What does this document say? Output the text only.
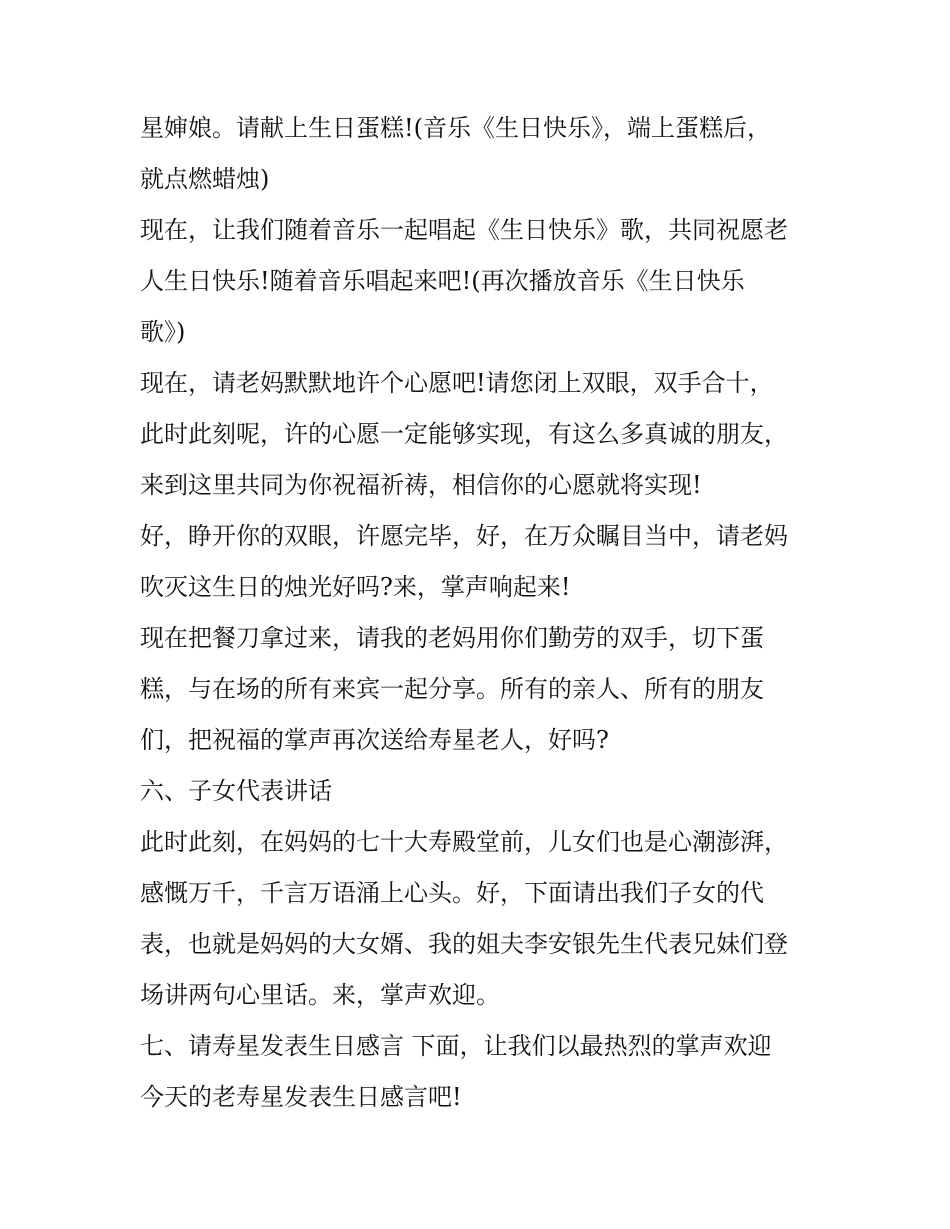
星婶娘。请献上生日蛋糕!(音乐《生日快乐》，端上蛋糕后，
就点燃蜡烛)
现在，让我们随着音乐一起唱起《生日快乐》歌，共同祝愿老
人生日快乐!随着音乐唱起来吧!(再次播放音乐《生日快乐
歌》)
现在，请老妈默默地许个心愿吧!请您闭上双眼，双手合十，
此时此刻呢，许的心愿一定能够实现，有这么多真诚的朋友，
来到这里共同为你祝福祈祷，相信你的心愿就将实现!
好，睁开你的双眼，许愿完毕，好，在万众瞩目当中，请老妈
吹灭这生日的烛光好吗?来，掌声响起来!
现在把餐刀拿过来，请我的老妈用你们勤劳的双手，切下蛋
糕，与在场的所有来宾一起分享。所有的亲人、所有的朋友
们，把祝福的掌声再次送给寿星老人，好吗?
六、子女代表讲话
此时此刻，在妈妈的七十大寿殿堂前，儿女们也是心潮澎湃，
感慨万千，千言万语涌上心头。好，下面请出我们子女的代
表，也就是妈妈的大女婿、我的姐夫李安银先生代表兄妹们登
场讲两句心里话。来，掌声欢迎。
七、请寿星发表生日感言 下面，让我们以最热烈的掌声欢迎
今天的老寿星发表生日感言吧!
